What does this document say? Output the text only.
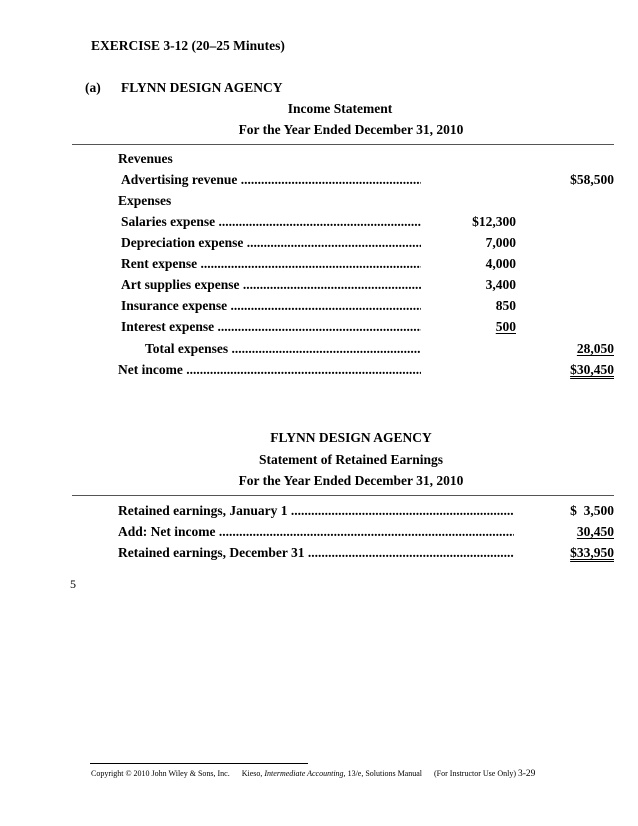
EXERCISE 3-12 (20–25 Minutes)
(a) FLYNN DESIGN AGENCY
Income Statement
For the Year Ended December 31, 2010
Revenues
Advertising revenue .....	$58,500
Expenses
Salaries expense .....	$12,300
Depreciation expense .....	7,000
Rent expense .....	4,000
Art supplies expense .....	3,400
Insurance expense .....	850
Interest expense .....	500
Total expenses .....	28,050
Net income .....	$30,450
FLYNN DESIGN AGENCY
Statement of Retained Earnings
For the Year Ended December 31, 2010
Retained earnings, January 1 .....	$  3,500
Add: Net income .....	30,450
Retained earnings, December 31 .....	$33,950
5
Copyright © 2010 John Wiley & Sons, Inc. Kieso, Intermediate Accounting, 13/e, Solutions Manual (For Instructor Use Only) 3-29
